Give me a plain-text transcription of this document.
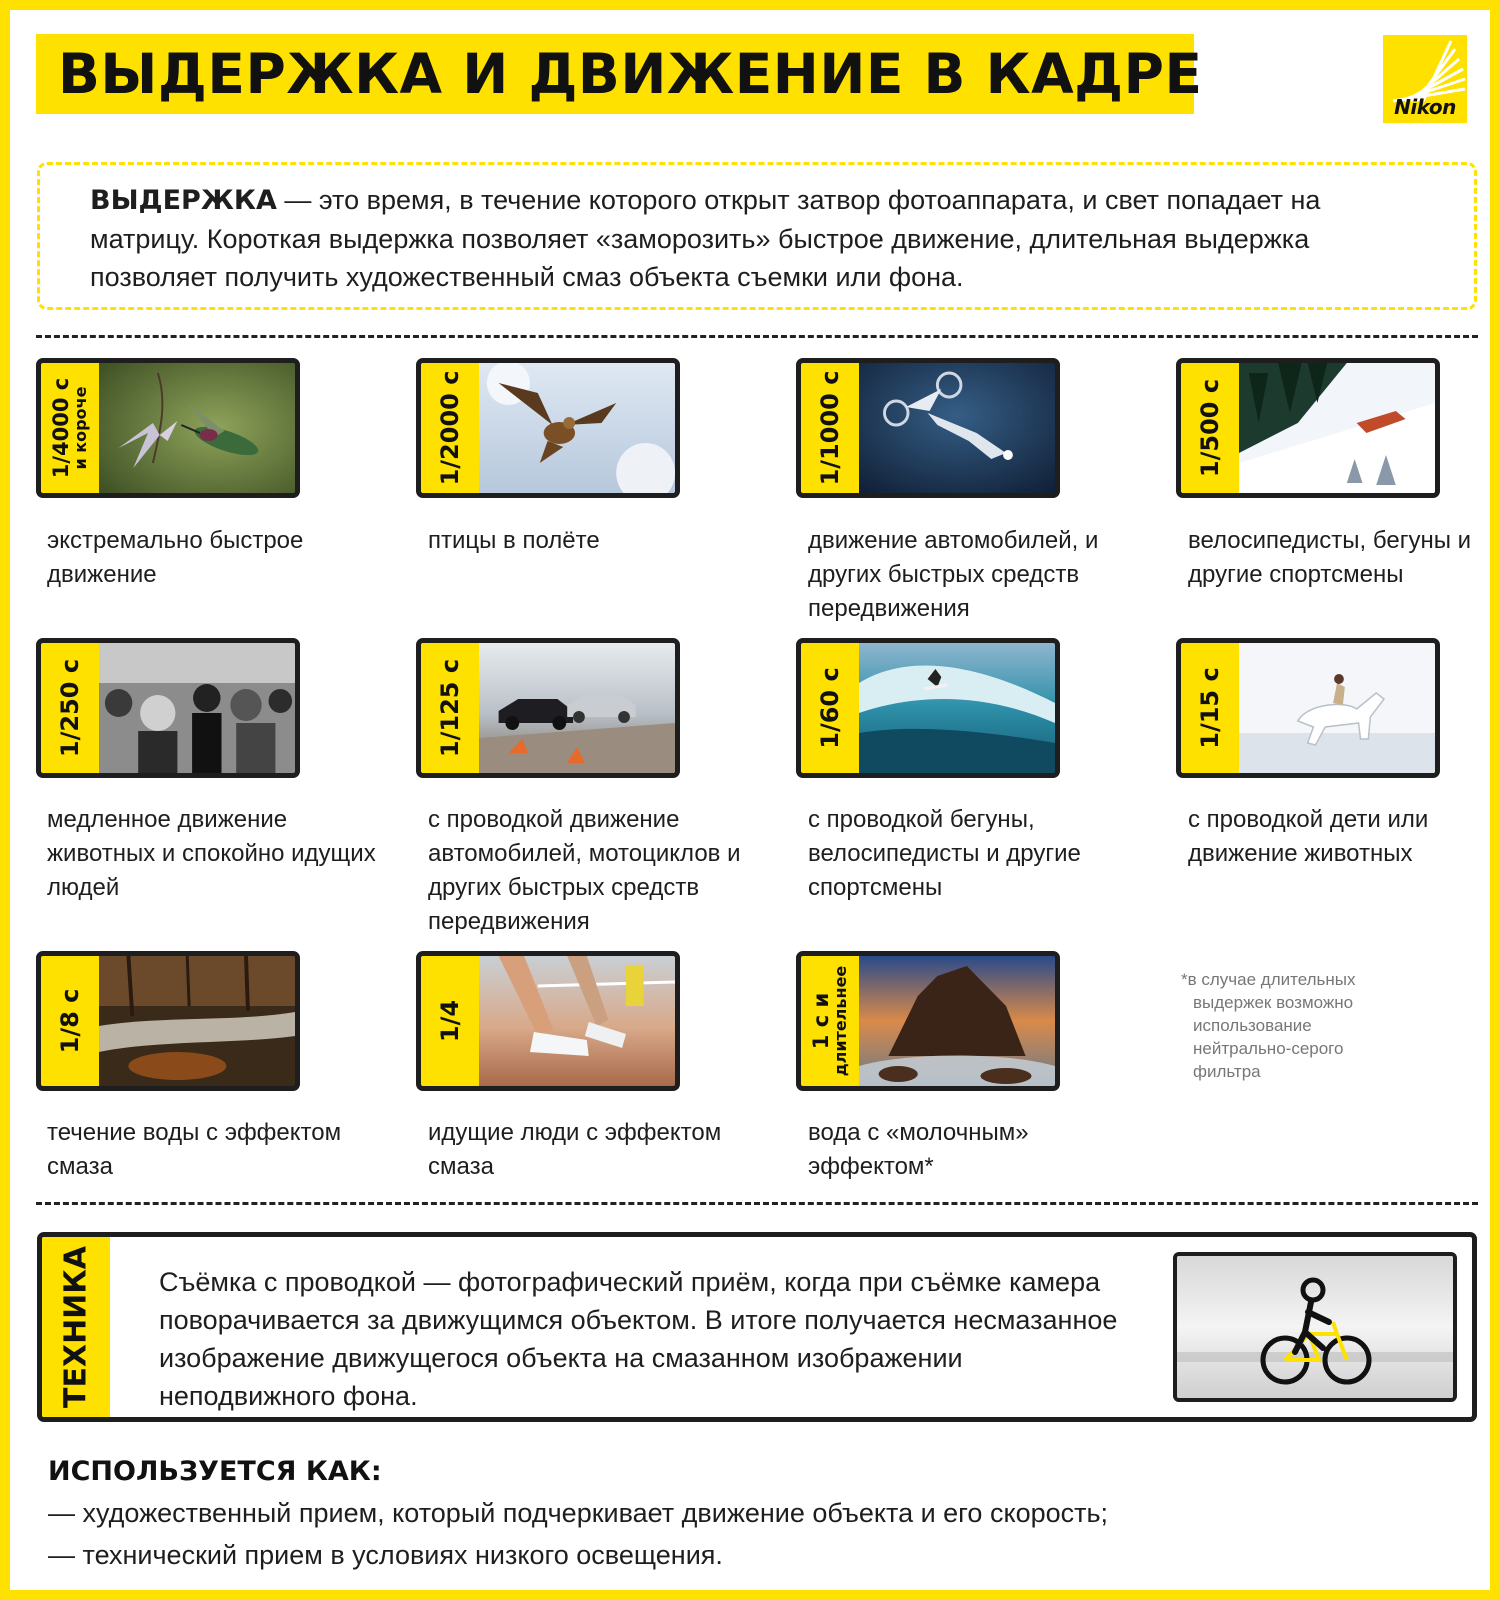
ВЫДЕРЖКА И ДВИЖЕНИЕ В КАДРЕ
Nikon
ВЫДЕРЖКА — это время, в течение которого открыт затвор фотоаппарата, и свет попадает на матрицу. Короткая выдержка позволяет «заморозить» быстрое движение, длительная выдержка позволяет получить художественный смаз объекта съемки или фона.
1/4000 с
и короче
экстремально быстрое движение
1/2000 с
птицы в полёте
1/1000 с
движение автомобилей, и других быстрых средств передвижения
1/500 с
велосипедисты, бегуны и другие спортсмены
1/250 с
медленное движение животных и спокойно идущих людей
1/125 с
с проводкой движение автомобилей, мотоциклов и других быстрых средств передвижения
1/60 с
с проводкой бегуны, велосипедисты и другие спортсмены
1/15 с
с проводкой дети или движение животных
1/8 с
течение воды с эффектом смаза
1/4
идущие люди с эффектом смаза
1 с и
длительнее
вода с «молочным» эффектом*
*в случае длительных выдержек возможно использование нейтрально-серого фильтра
ТЕХНИКА Съёмка с проводкой — фотографический приём, когда при съёмке камера поворачивается за движущимся объектом. В итоге получается несмазанное изображение движущегося объекта на смазанном изображении неподвижного фона.
ИСПОЛЬЗУЕТСЯ КАК:
— художественный прием, который подчеркивает движение объекта и его скорость;
— технический прием в условиях низкого освещения.
